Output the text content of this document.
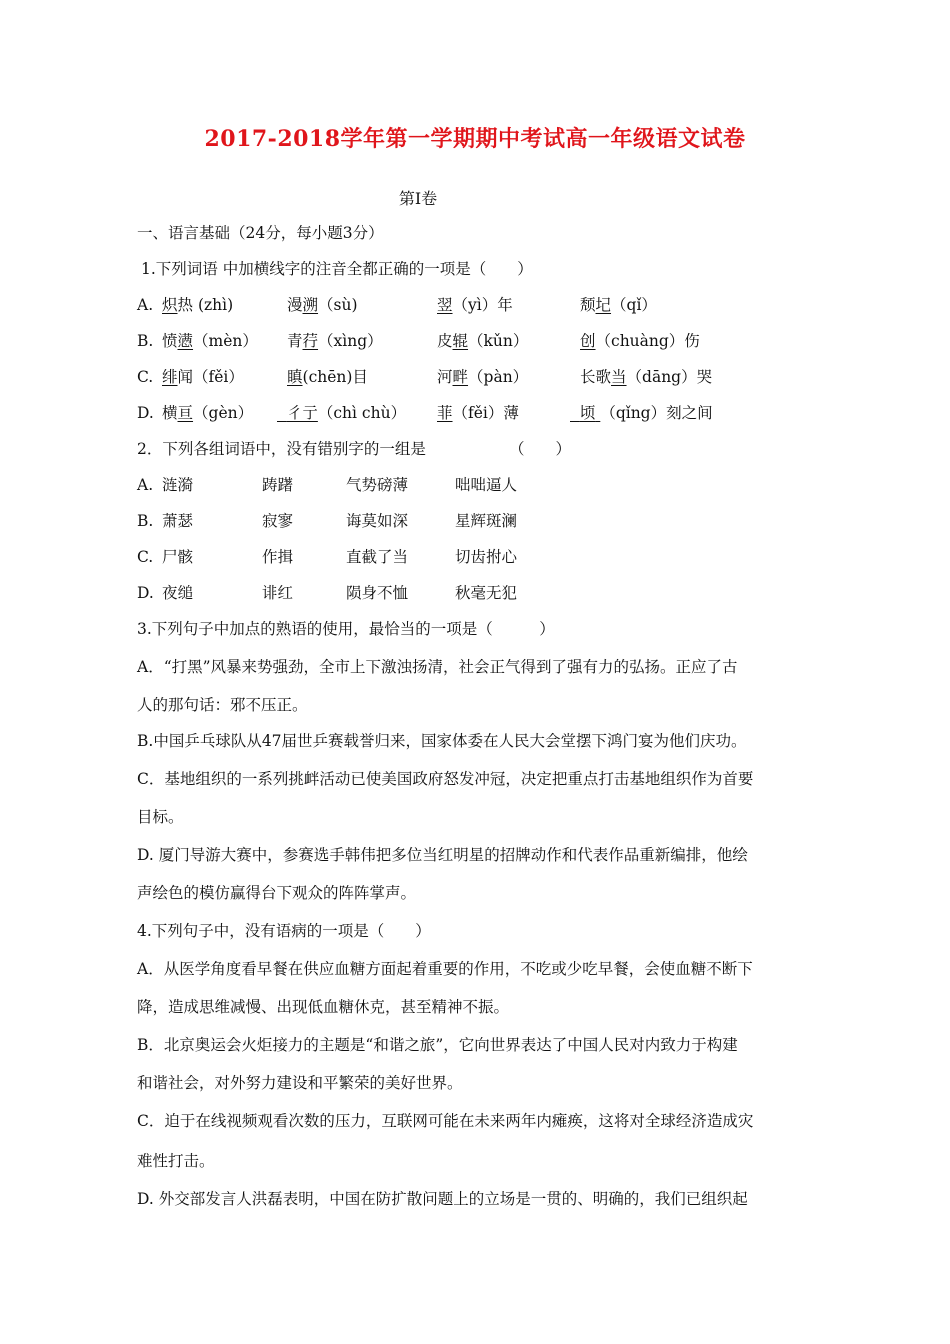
2017-2018学年第一学期期中考试高一年级语文试卷
第Ⅰ卷
一、语言基础（24分，每小题3分）
1.下列词语 中加横线字的注音全都正确的一项是（　　）
A. 炽热 (zhì)	漫溯（sù)	翌（yì）年	颓圮（qǐ）
B. 愤懑（mèn） 青荇（xìng）	皮辊（kǔn）	创（chuàng）伤
C. 绯闻（fěi）	瞋(chēn)目	河畔（pàn）	长歌当（dāng）哭
D. 横亘（gèn）	彳亍（chì chù） 菲（fěi）薄	顷 （qǐng）刻之间
2．下列各组词语中，没有错别字的一组是	（　　）
A. 涟漪	踌躇	气势磅薄	咄咄逼人
B. 萧瑟	寂寥	诲莫如深	星辉斑澜
C. 尸骸	作揖	直截了当	切齿拊心
D. 夜缒	诽红	陨身不恤	秋毫无犯
3.下列句子中加点的熟语的使用，最恰当的一项是（　　　）
A．“打黑”风暴来势强劲，全市上下激浊扬清，社会正气得到了强有力的弘扬。正应了古
人的那句话：邪不压正。
B.中国乒乓球队从47届世乒赛载誉归来，国家体委在人民大会堂摆下鸿门宴为他们庆功。
C．基地组织的一系列挑衅活动已使美国政府怒发冲冠，决定把重点打击基地组织作为首要
目标。
D. 厦门导游大赛中，参赛选手韩伟把多位当红明星的招牌动作和代表作品重新编排，他绘
声绘色的模仿赢得台下观众的阵阵掌声。
4.下列句子中，没有语病的一项是（　　）
A．从医学角度看早餐在供应血糖方面起着重要的作用，不吃或少吃早餐，会使血糖不断下
降，造成思维减慢、出现低血糖休克，甚至精神不振。
B．北京奥运会火炬接力的主题是“和谐之旅”，它向世界表达了中国人民对内致力于构建
和谐社会，对外努力建设和平繁荣的美好世界。
C．迫于在线视频观看次数的压力，互联网可能在未来两年内瘫痪，这将对全球经济造成灾
难性打击。
D. 外交部发言人洪磊表明，中国在防扩散问题上的立场是一贯的、明确的，我们已组织起
